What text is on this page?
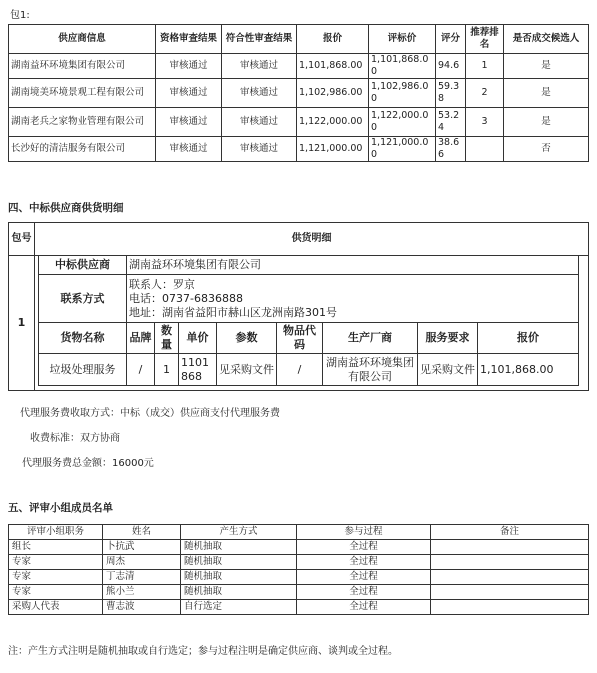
包1:
供应商信息	资格审查结果	符合性审查结果	报价	评标价	评分	推荐排名	是否成交候选人
湖南益环环境集团有限公司	审核通过	审核通过	1,101,868.00	1,101,868.00	94.6	1	是
湖南境美环境景观工程有限公司	审核通过	审核通过	1,102,986.00	1,102,986.00	59.38	2	是
湖南老兵之家物业管理有限公司	审核通过	审核通过	1,122,000.00	1,122,000.00	53.24	3	是
长沙好的清洁服务有限公司	审核通过	审核通过	1,121,000.00	1,121,000.00	38.66		否
四、中标供应商供货明细
包号	供货明细										
1		中标供应商	湖南益环环境集团有限公司								
		联系方式	联系人：罗京
电话：0737-6836888
地址：湖南省益阳市赫山区龙洲南路301号								

		货物名称	品牌	数量	单价	参数	物品代码	生产厂商	服务要求	报价	
		垃圾处理服务	/	1	1101868	见采购文件	/	湖南益环环境集团有限公司	见采购文件	1,101,868.00	

代理服务费收取方式：中标（成交）供应商支付代理服务费
收费标准：双方协商
代理服务费总金额：16000元
五、评审小组成员名单
评审小组职务	姓名	产生方式	参与过程	备注
组长	卜抗武	随机抽取	全过程	
专家	周杰	随机抽取	全过程	
专家	丁志清	随机抽取	全过程	
专家	熊小兰	随机抽取	全过程	
采购人代表	曹志波	自行选定	全过程	
注：产生方式注明是随机抽取或自行选定；参与过程注明是确定供应商、谈判或全过程。
